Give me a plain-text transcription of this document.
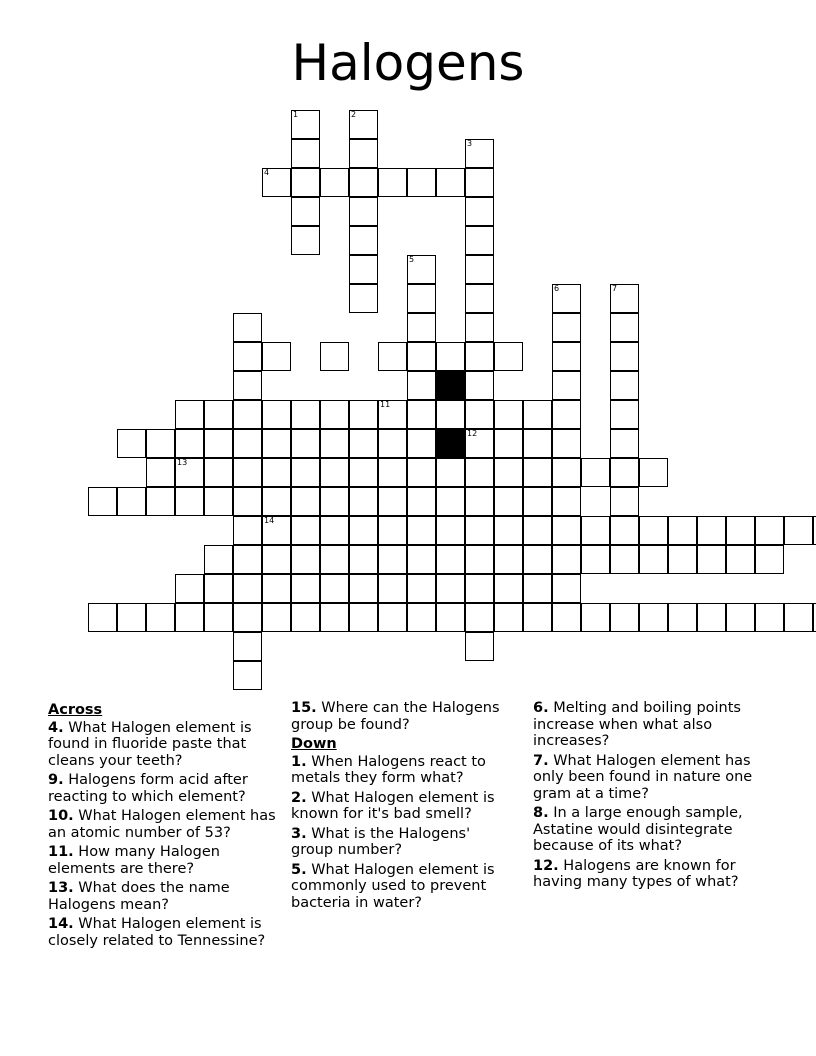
Halogens
1	2
3
12
4
5
6	7
11
13
14
Across
4. What Halogen element is found in fluoride paste that cleans your teeth?
9. Halogens form acid after reacting to which element?
10. What Halogen element has an atomic number of 53?
11. How many Halogen elements are there?
13. What does the name Halogens mean?
14. What Halogen element is closely related to Tennessine?
15. Where can the Halogens group be found?
Down
1. When Halogens react to metals they form what?
2. What Halogen element is known for it's bad smell?
3. What is the Halogens' group number?
5. What Halogen element is commonly used to prevent bacteria in water?
6. Melting and boiling points increase when what also increases?
7. What Halogen element has only been found in nature one gram at a time?
8. In a large enough sample, Astatine would disintegrate because of its what?
12. Halogens are known for having many types of what?
